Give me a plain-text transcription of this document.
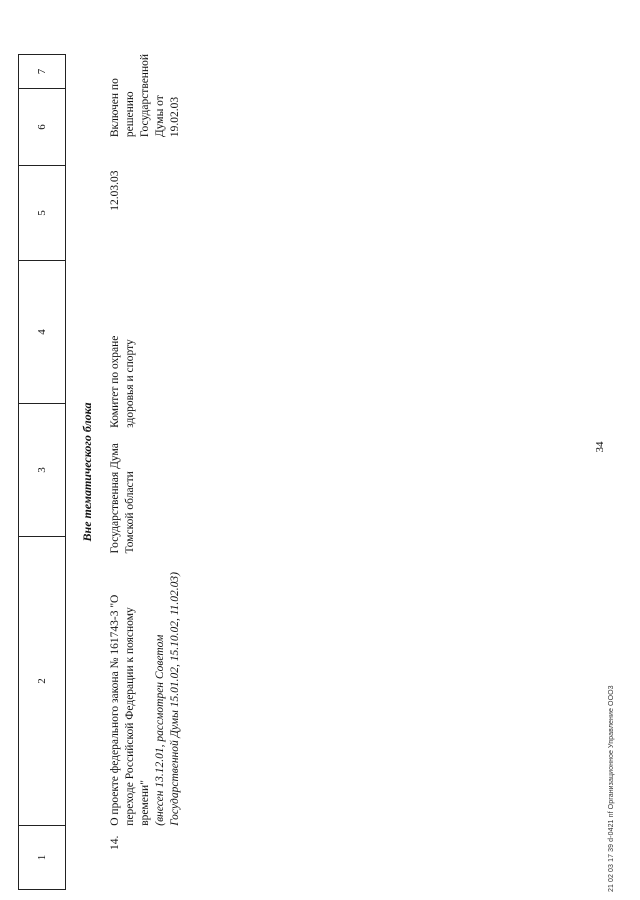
34
1
2
3
4
5
6
7
Вне тематического блока
14.
О проекте федерального закона № 161743-3 "О переходе Российской Федерации к поясному времени" (внесен 13.12.01, рассмотрен Советом Государственной Думы 15.01.02, 15.10.02, 11.02.03)
Государственная Дума Томской области
Комитет по охране здоровья и спорту
12.03.03
Включен по решению Государственной Думы от 19.02.03
21 02 03 17 39 d-0421 nf Организационное Управление ООО3
